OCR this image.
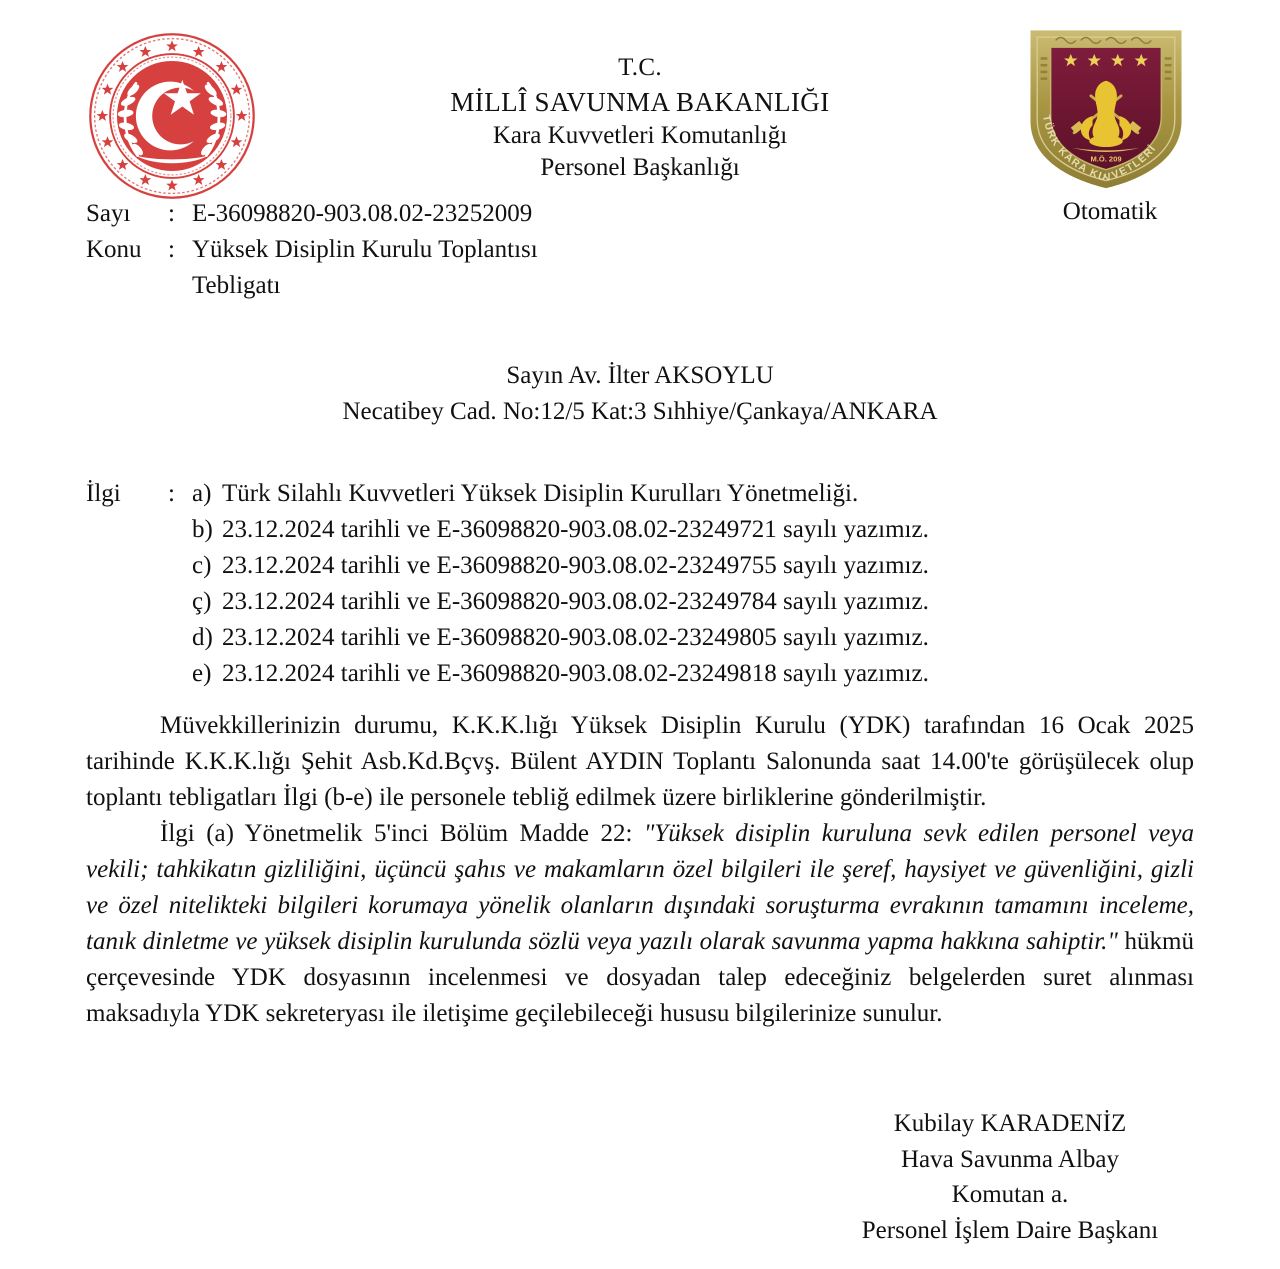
M.Ö. 209
TÜRK KARA KUVVETLERİ
T.C.
MİLLÎ SAVUNMA BAKANLIĞI
Kara Kuvvetleri Komutanlığı
Personel Başkanlığı
Otomatik
Sayı	: E-36098820-903.08.02-23252009
Konu	: Yüksek Disiplin Kurulu Toplantısı
Tebligatı
Sayın Av. İlter AKSOYLU
Necatibey Cad. No:12/5 Kat:3 Sıhhiye/Çankaya/ANKARA
İlgi	: a) Türk Silahlı Kuvvetleri Yüksek Disiplin Kurulları Yönetmeliği.
b) 23.12.2024 tarihli ve E-36098820-903.08.02-23249721 sayılı yazımız.
c) 23.12.2024 tarihli ve E-36098820-903.08.02-23249755 sayılı yazımız.
ç) 23.12.2024 tarihli ve E-36098820-903.08.02-23249784 sayılı yazımız.
d) 23.12.2024 tarihli ve E-36098820-903.08.02-23249805 sayılı yazımız.
e) 23.12.2024 tarihli ve E-36098820-903.08.02-23249818 sayılı yazımız.

Müvekkillerinizin durumu, K.K.K.lığı Yüksek Disiplin Kurulu (YDK) tarafından 16 Ocak 2025 tarihinde K.K.K.lığı Şehit Asb.Kd.Bçvş. Bülent AYDIN Toplantı Salonunda saat 14.00'te görüşülecek olup toplantı tebligatları İlgi (b-e) ile personele tebliğ edilmek üzere birliklerine gönderilmiştir.

İlgi (a) Yönetmelik 5'inci Bölüm Madde 22: "Yüksek disiplin kuruluna sevk edilen personel veya vekili; tahkikatın gizliliğini, üçüncü şahıs ve makamların özel bilgileri ile şeref, haysiyet ve güvenliğini, gizli ve özel nitelikteki bilgileri korumaya yönelik olanların dışındaki soruşturma evrakının tamamını inceleme, tanık dinletme ve yüksek disiplin kurulunda sözlü veya yazılı olarak savunma yapma hakkına sahiptir." hükmü çerçevesinde YDK dosyasının incelenmesi ve dosyadan talep edeceğiniz belgelerden suret alınması maksadıyla YDK sekreteryası ile iletişime geçilebileceği hususu bilgilerinize sunulur.

Kubilay KARADENİZ
Hava Savunma Albay
Komutan a.
Personel İşlem Daire Başkanı
